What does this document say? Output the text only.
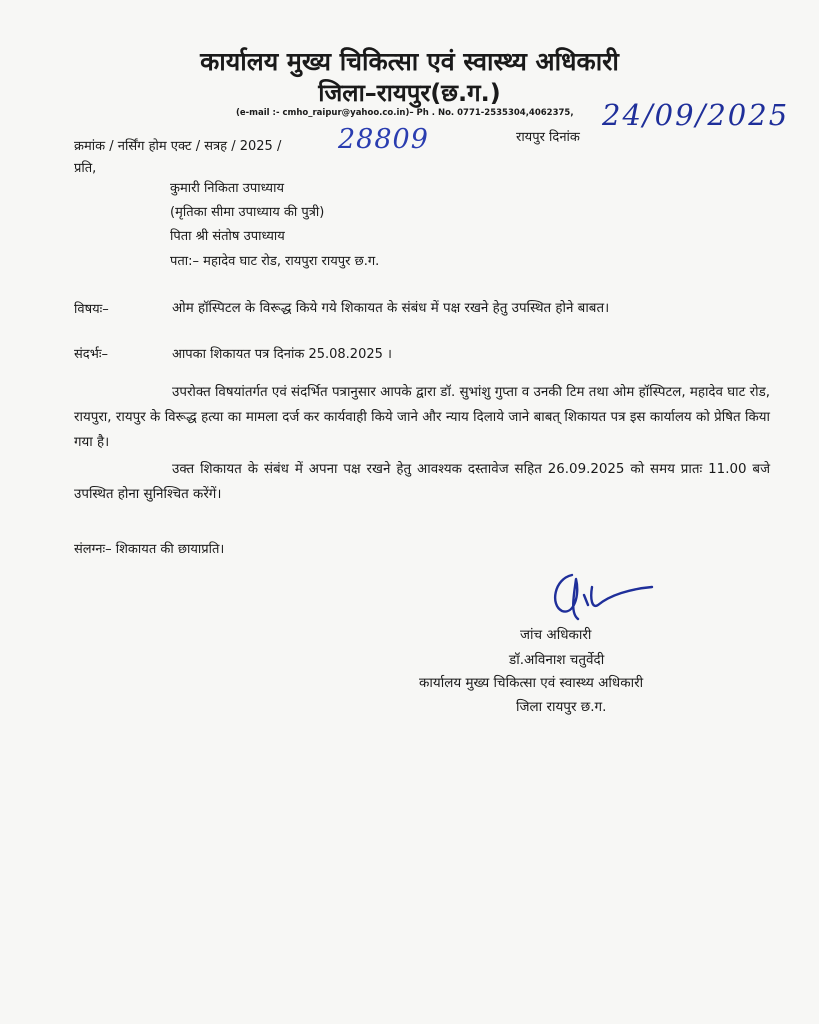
कार्यालय मुख्य चिकित्सा एवं स्वास्थ्य अधिकारी
जिला–रायपुर(छ.ग.)
(e-mail :- cmho_raipur@yahoo.co.in)– Ph . No. 0771-2535304,4062375,
क्रमांक / नर्सिंग होम एक्ट / सत्रह / 2025 / 28809	रायपुर दिनांक
24/09/2025
प्रति,
कुमारी निकिता उपाध्याय
(मृतिका सीमा उपाध्याय की पुत्री)
पिता श्री संतोष उपाध्याय
पता:– महादेव घाट रोड, रायपुरा रायपुर छ.ग.
विषयः–	ओम हॉस्पिटल के विरूद्ध किये गये शिकायत के संबंध में पक्ष रखने हेतु उपस्थित होने बाबत।
संदर्भः–	आपका शिकायत पत्र दिनांक 25.08.2025 ।
उपरोक्त विषयांतर्गत एवं संदर्भित पत्रानुसार आपके द्वारा डॉ. सुभांशु गुप्ता व उनकी टिम तथा ओम हॉस्पिटल, महादेव घाट रोड, रायपुरा, रायपुर के विरूद्ध हत्या का मामला दर्ज कर कार्यवाही किये जाने और न्याय दिलाये जाने बाबत् शिकायत पत्र इस कार्यालय को प्रेषित किया गया है।
उक्त शिकायत के संबंध में अपना पक्ष रखने हेतु आवश्यक दस्तावेज सहित 26.09.2025 को समय प्रातः 11.00 बजे उपस्थित होना सुनिश्चित करेंगें।
संलग्नः– शिकायत की छायाप्रति।
जांच अधिकारी
डॉ.अविनाश चतुर्वेदी
कार्यालय मुख्य चिकित्सा एवं स्वास्थ्य अधिकारी
जिला रायपुर छ.ग.
